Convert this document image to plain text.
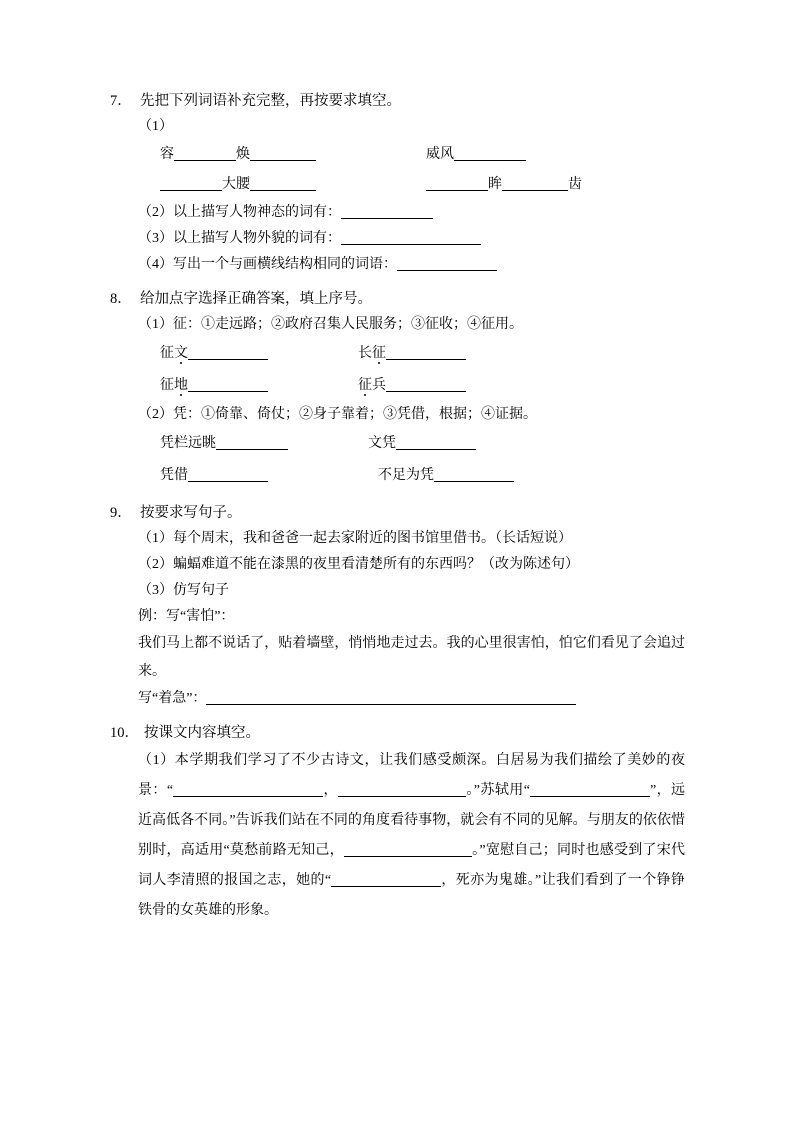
7． 先把下列词语补充完整，再按要求填空。
（1）
容	焕	威风
大腰	眸	齿
（2）以上描写人物神态的词有：
（3）以上描写人物外貌的词有：
（4）写出一个与画横线结构相同的词语：
8． 给加点字选择正确答案，填上序号。
（1）征：①走远路；②政府召集人民服务；③征收；④征用。
征文	长征
征地	征兵
（2）凭：①倚靠、倚仗；②身子靠着；③凭借，根据；④证据。
凭栏远眺	文凭
凭借	不足为凭
9． 按要求写句子。
（1）每个周末，我和爸爸一起去家附近的图书馆里借书。（长话短说）
（2）蝙蝠难道不能在漆黑的夜里看清楚所有的东西吗？（改为陈述句）
（3）仿写句子
例：写“害怕”：
我们马上都不说话了，贴着墙壁，悄悄地走过去。我的心里很害怕，怕它们看见了会追过来。
写“着急”：
10． 按课文内容填空。
（1）本学期我们学习了不少古诗文，让我们感受颇深。白居易为我们描绘了美妙的夜景：“	，	。”苏轼用“	”，远近高低各不同。”告诉我们站在不同的角度看待事物，就会有不同的见解。与朋友的依依惜别时，高适用“莫愁前路无知己，	。”宽慰自己；同时也感受到了宋代词人李清照的报国之志，她的“	，死亦为鬼雄。”让我们看到了一个铮铮铁骨的女英雄的形象。
